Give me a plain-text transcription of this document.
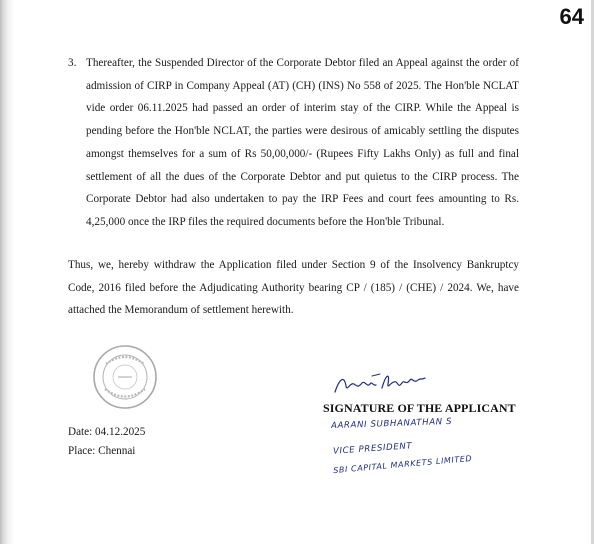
64
3. Thereafter, the Suspended Director of the Corporate Debtor filed an Appeal against the order of admission of CIRP in Company Appeal (AT) (CH) (INS) No 558 of 2025. The Hon'ble NCLAT vide order 06.11.2025 had passed an order of interim stay of the CIRP. While the Appeal is pending before the Hon'ble NCLAT, the parties were desirous of amicably settling the disputes amongst themselves for a sum of Rs 50,00,000/- (Rupees Fifty Lakhs Only) as full and final settlement of all the dues of the Corporate Debtor and put quietus to the CIRP process. The Corporate Debtor had also undertaken to pay the IRP Fees and court fees amounting to Rs. 4,25,000 once the IRP files the required documents before the Hon'ble Tribunal.

Thus, we, hereby withdraw the Application filed under Section 9 of the Insolvency Bankruptcy Code, 2016 filed before the Adjudicating Authority bearing CP / (185) / (CHE) / 2024. We, have attached the Memorandum of settlement herewith.

SIGNATURE OF THE APPLICANT

AARANI SUBHANATHAN S

VICE PRESIDENT

SBI CAPITAL MARKETS LIMITED

Date: 04.12.2025

Place: Chennai
